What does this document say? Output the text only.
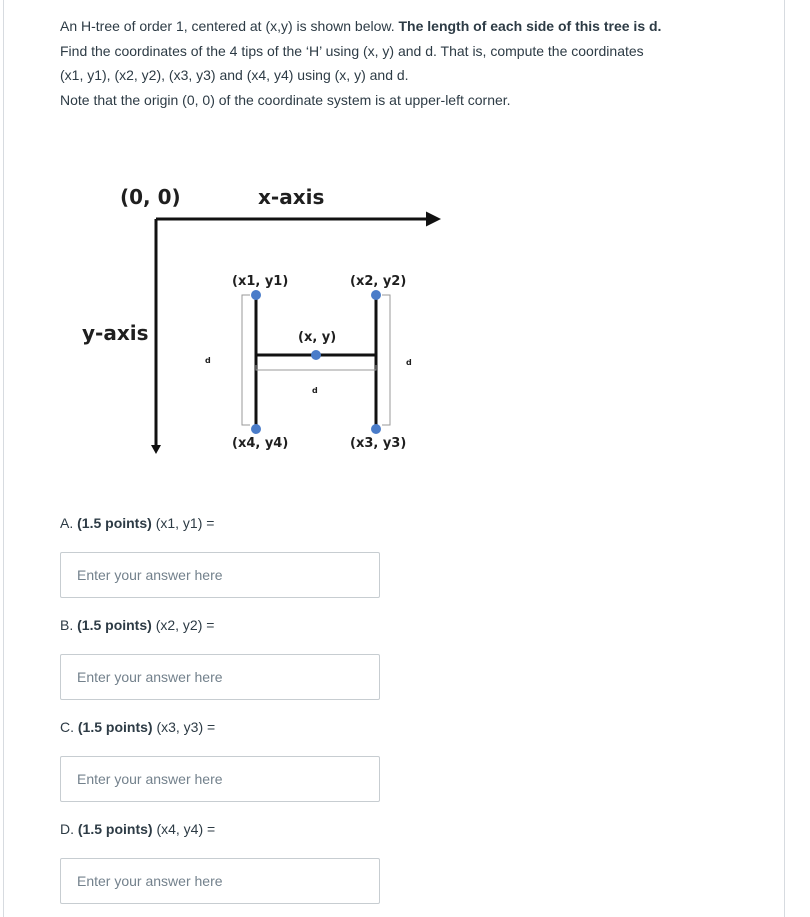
An H-tree of order 1, centered at (x,y) is shown below. The length of each side of this tree is d.

Find the coordinates of the 4 tips of the ‘H’ using (x, y) and d. That is, compute the coordinates

(x1, y1), (x2, y2), (x3, y3) and (x4, y4) using (x, y) and d.

Note that the origin (0, 0) of the coordinate system is at upper-left corner.

(0, 0)	x-axis
y-axis
d	d
d
(x1, y1)	(x2, y2)
(x, y)
(x4, y4)	(x3, y3)

A. (1.5 points) (x1, y1) =

Enter your answer here

B. (1.5 points) (x2, y2) =

Enter your answer here

C. (1.5 points) (x3, y3) =

Enter your answer here

D. (1.5 points) (x4, y4) =

Enter your answer here
